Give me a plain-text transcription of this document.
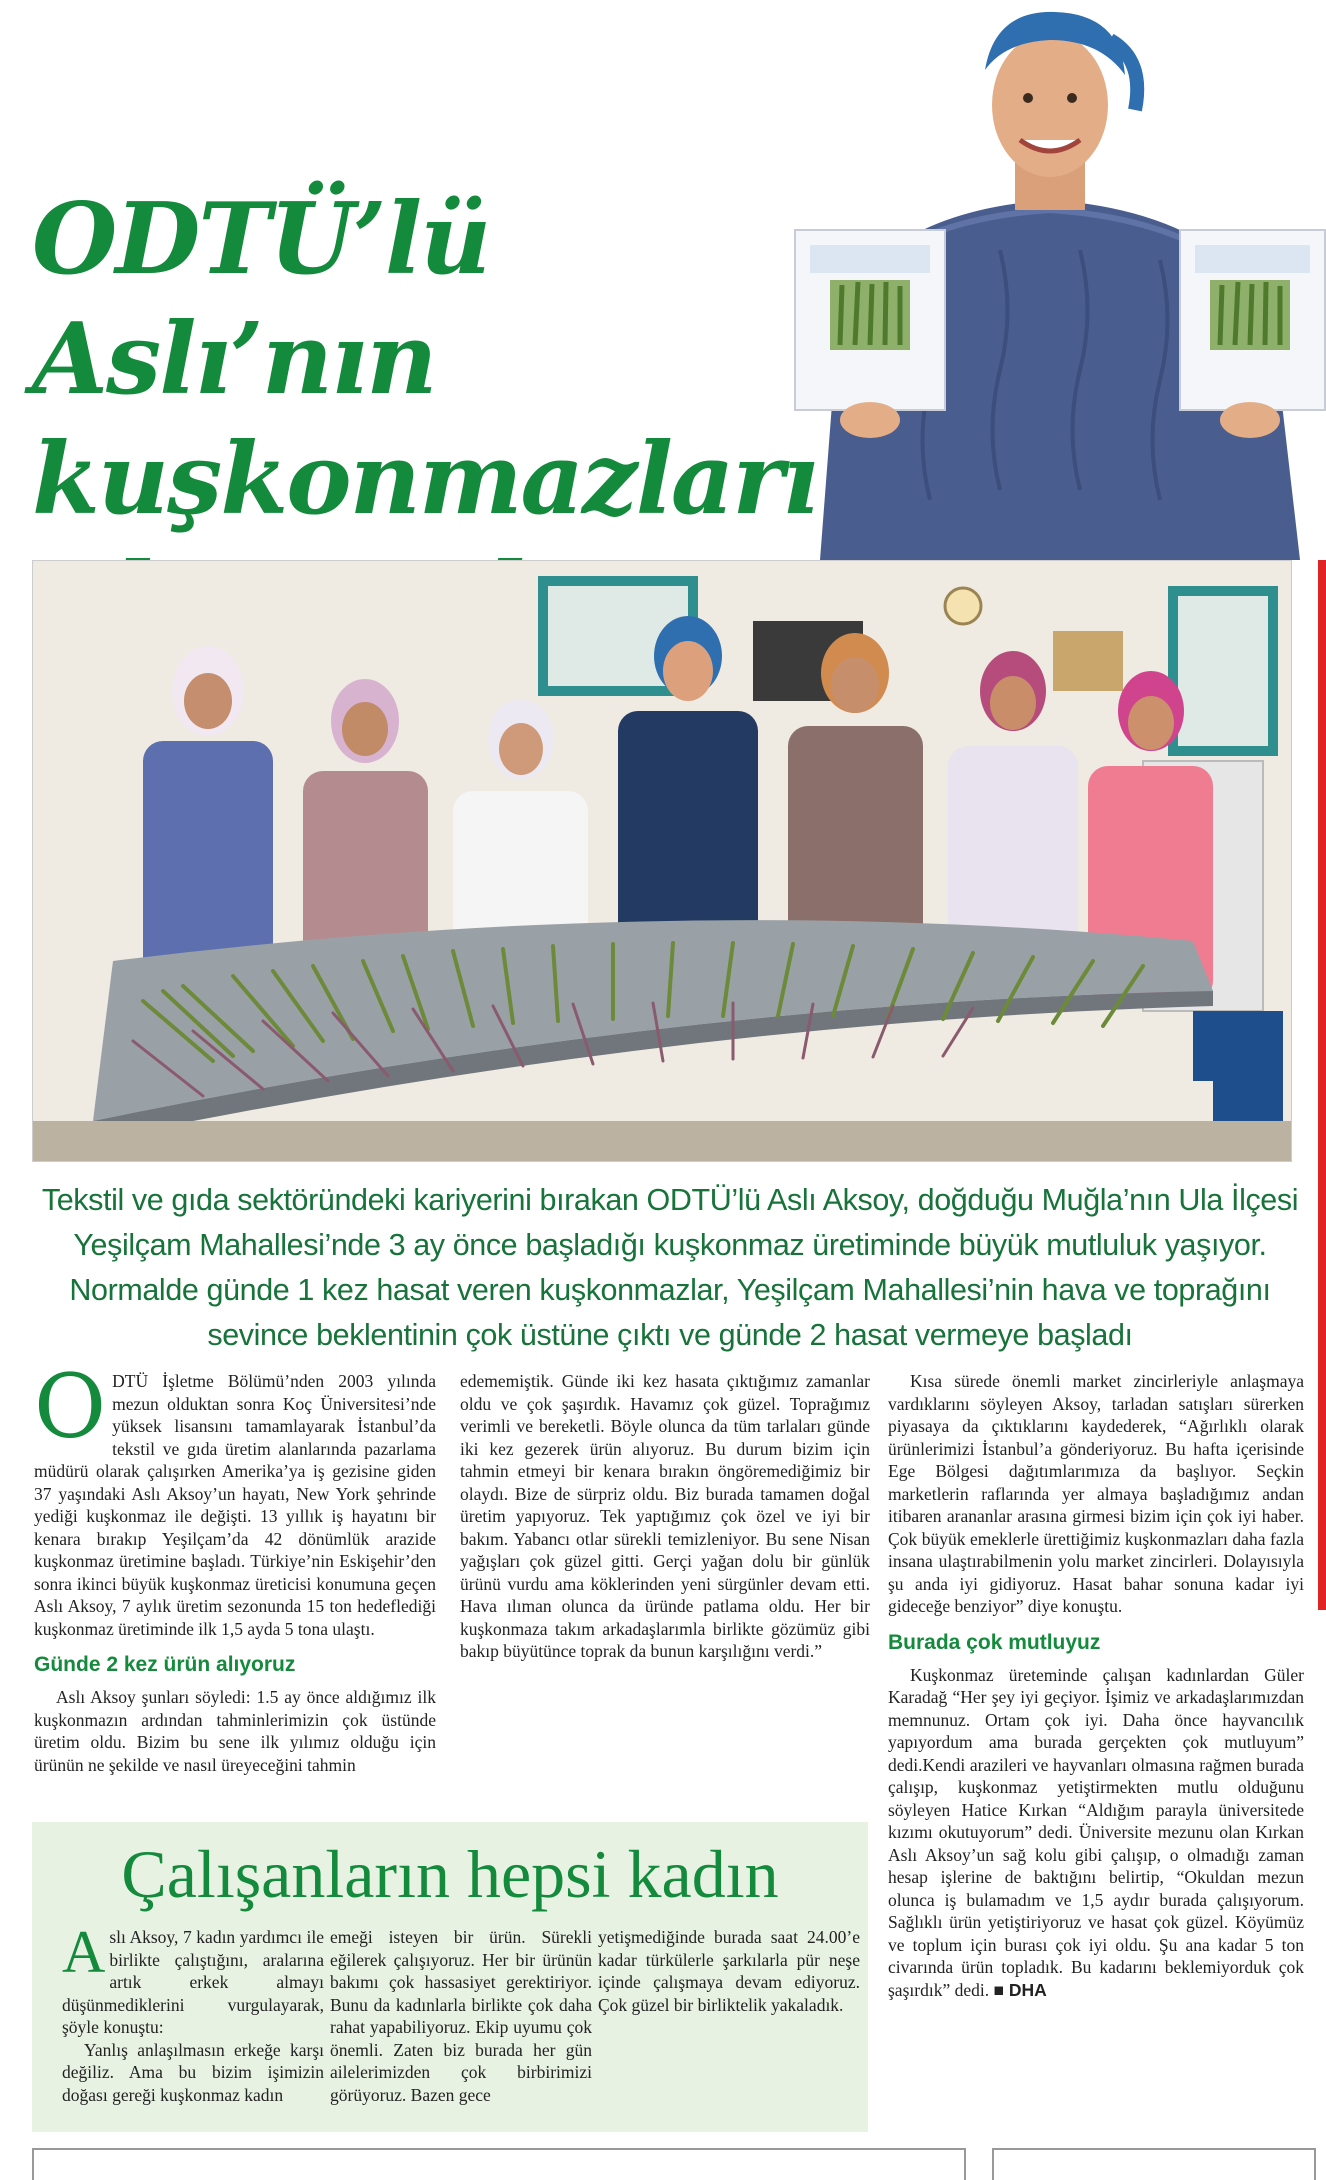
ODTÜ’lü Aslı’nın
kuşkonmazları

Tekstil ve gıda sektöründeki kariyerini bırakan ODTÜ’lü Aslı Aksoy, doğduğu Muğla’nın Ula İlçesi Yeşilçam Mahallesi’nde 3 ay önce başladığı kuşkonmaz üretiminde büyük mutluluk yaşıyor. Normalde günde 1 kez hasat veren kuşkonmazlar, Yeşilçam Mahallesi’nin hava ve toprağını sevince beklentinin çok üstüne çıktı ve günde 2 hasat vermeye başladı

ODTÜ İşletme Bölümü’nden 2003 yılında mezun olduktan sonra Koç Üniversitesi’nde yüksek lisansını tamamlayarak İstanbul’da tekstil ve gıda üretim alanlarında pazarlama müdürü olarak çalışırken Amerika’ya iş gezisine giden 37 yaşındaki Aslı Aksoy’un hayatı, New York şehrinde yediği kuşkonmaz ile değişti. 13 yıllık iş hayatını bir kenara bırakıp Yeşilçam’da 42 dönümlük arazide kuşkonmaz üretimine başladı. Türkiye’nin Eskişehir’den sonra ikinci büyük kuşkonmaz üreticisi konumuna geçen Aslı Aksoy, 7 aylık üretim sezonunda 15 ton hedeflediği kuşkonmaz üretiminde ilk 1,5 ayda 5 tona ulaştı.

Günde 2 kez ürün alıyoruz

Aslı Aksoy şunları söyledi: 1.5 ay önce aldığımız ilk kuşkonmazın ardından tahminlerimizin çok üstünde üretim oldu. Bizim bu sene ilk yılımız olduğu için ürünün ne şekilde ve nasıl üreyeceğini tahmin

edememiştik. Günde iki kez hasata çıktığımız zamanlar oldu ve çok şaşırdık. Havamız çok güzel. Toprağımız verimli ve bereketli. Böyle olunca da tüm tarlaları günde iki kez gezerek ürün alıyoruz. Bu durum bizim için tahmin etmeyi bir kenara bırakın öngöremediğimiz bir olaydı. Bize de sürpriz oldu. Biz burada tamamen doğal üretim yapıyoruz. Tek yaptığımız çok özel ve iyi bir bakım. Yabancı otlar sürekli temizleniyor. Bu sene Nisan yağışları çok güzel gitti. Gerçi yağan dolu bir günlük ürünü vurdu ama köklerinden yeni sürgünler devam etti. Hava ılıman olunca da üründe patlama oldu. Her bir kuşkonmaza takım arkadaşlarımla birlikte gözümüz gibi bakıp büyütünce toprak da bunun karşılığını verdi.”

Kısa sürede önemli market zincirleriyle anlaşmaya vardıklarını söyleyen Aksoy, tarladan satışları sürerken piyasaya da çıktıklarını kaydederek, “Ağırlıklı olarak ürünlerimizi İstanbul’a gönderiyoruz. Bu hafta içerisinde Ege Bölgesi dağıtımlarımıza da başlıyor. Seçkin marketlerin raflarında yer almaya başladığımız andan itibaren arananlar arasına girmesi bizim için çok iyi haber. Çok büyük emeklerle ürettiğimiz kuşkonmazları daha fazla insana ulaştırabilmenin yolu market zincirleri. Dolayısıyla şu anda iyi gidiyoruz. Hasat bahar sonuna kadar iyi gideceğe benziyor” diye konuştu.

Burada çok mutluyuz

Kuşkonmaz üreteminde çalışan kadınlardan Güler Karadağ “Her şey iyi geçiyor. İşimiz ve arkadaşlarımızdan memnunuz. Ortam çok iyi. Daha önce hayvancılık yapıyordum ama burada gerçekten çok mutluyum” dedi.Kendi arazileri ve hayvanları olmasına rağmen burada çalışıp, kuşkonmaz yetiştirmekten mutlu olduğunu söyleyen Hatice Kırkan “Aldığım parayla üniversitede kızımı okutuyorum” dedi. Üniversite mezunu olan Kırkan Aslı Aksoy’un sağ kolu gibi çalışıp, o olmadığı zaman hesap işlerine de baktığını belirtip, “Okuldan mezun olunca iş bulamadım ve 1,5 aydır burada çalışıyorum. Sağlıklı ürün yetiştiriyoruz ve hasat çok güzel. Köyümüz ve toplum için burası çok iyi oldu. Şu ana kadar 5 ton civarında ürün topladık. Bu kadarını beklemiyorduk çok şaşırdık” dedi. ■ DHA

Çalışanların hepsi kadın

Aslı Aksoy, 7 kadın yardımcı ile birlikte çalıştığını, aralarına artık erkek almayı düşünmediklerini vurgulayarak, şöyle konuştu:

Yanlış anlaşılmasın erkeğe karşı değiliz. Ama bu bizim işimizin doğası gereği kuşkonmaz kadın

emeği isteyen bir ürün. Sürekli eğilerek çalışıyoruz. Her bir ürünün bakımı çok hassasiyet gerektiriyor. Bunu da kadınlarla birlikte çok daha rahat yapabiliyoruz. Ekip uyumu çok önemli. Zaten biz burada her gün ailelerimizden çok birbirimizi görüyoruz. Bazen gece

yetişmediğinde burada saat 24.00’e kadar türkülerle şarkılarla pür neşe içinde çalışmaya devam ediyoruz. Çok güzel bir birliktelik yakaladık.
